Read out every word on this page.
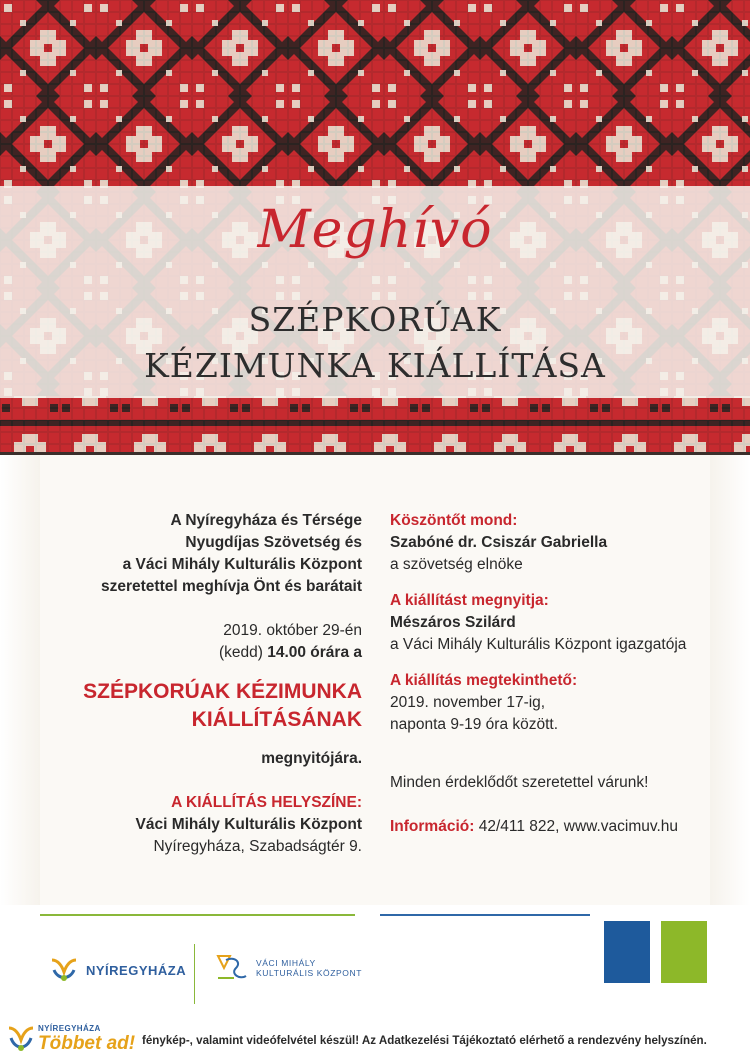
Meghívó
SZÉPKORÚAK
KÉZIMUNKA KIÁLLÍTÁSA
A Nyíregyháza és Térsége
Nyugdíjas Szövetség és
a Váci Mihály Kulturális Központ
szeretettel meghívja Önt és barátait
2019. október 29-én
(kedd) 14.00 órára a
SZÉPKORÚAK KÉZIMUNKA
KIÁLLÍTÁSÁNAK
megnyitójára.
A KIÁLLÍTÁS HELYSZÍNE:
Váci Mihály Kulturális Központ
Nyíregyháza, Szabadságtér 9.
Köszöntőt mond:
Szabóné dr. Csiszár Gabriella
a szövetség elnöke
A kiállítást megnyitja:
Mészáros Szilárd
a Váci Mihály Kulturális Központ igazgatója
A kiállítás megtekinthető:
2019. november 17-ig,
naponta 9-19 óra között.
Minden érdeklődőt szeretettel várunk!
Információ: 42/411 822, www.vacimuv.hu
NYÍREGYHÁZA	VÁCI MIHÁLY
KULTURÁLIS KÖZPONT
NYÍREGYHÁZA
Többet ad! fénykép-, valamint videófelvétel készül! Az Adatkezelési Tájékoztató elérhető a rendezvény helyszínén.
